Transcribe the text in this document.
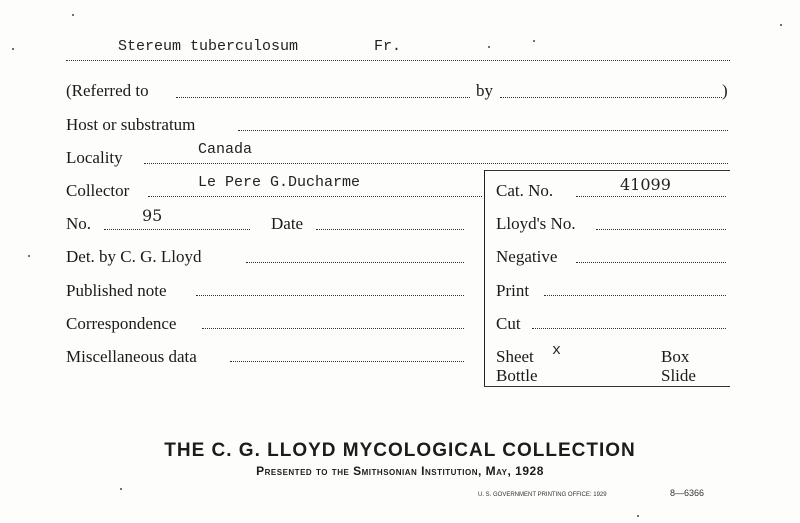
Stereum tuberculosum	Fr.
(Referred to	by	)
Host or substratum
Locality	Canada
Collector	Le Pere G.Ducharme
No.	95	Date
Det. by C. G. Lloyd
Published note
Correspondence
Miscellaneous data
Cat. No.	41099
Lloyd's No.
Negative
Print
Cut
Sheet x	Box
Bottle	Slide
THE C. G. LLOYD MYCOLOGICAL COLLECTION
Presented to the Smithsonian Institution, May, 1928
U. S. GOVERNMENT PRINTING OFFICE: 1929	8—6366
